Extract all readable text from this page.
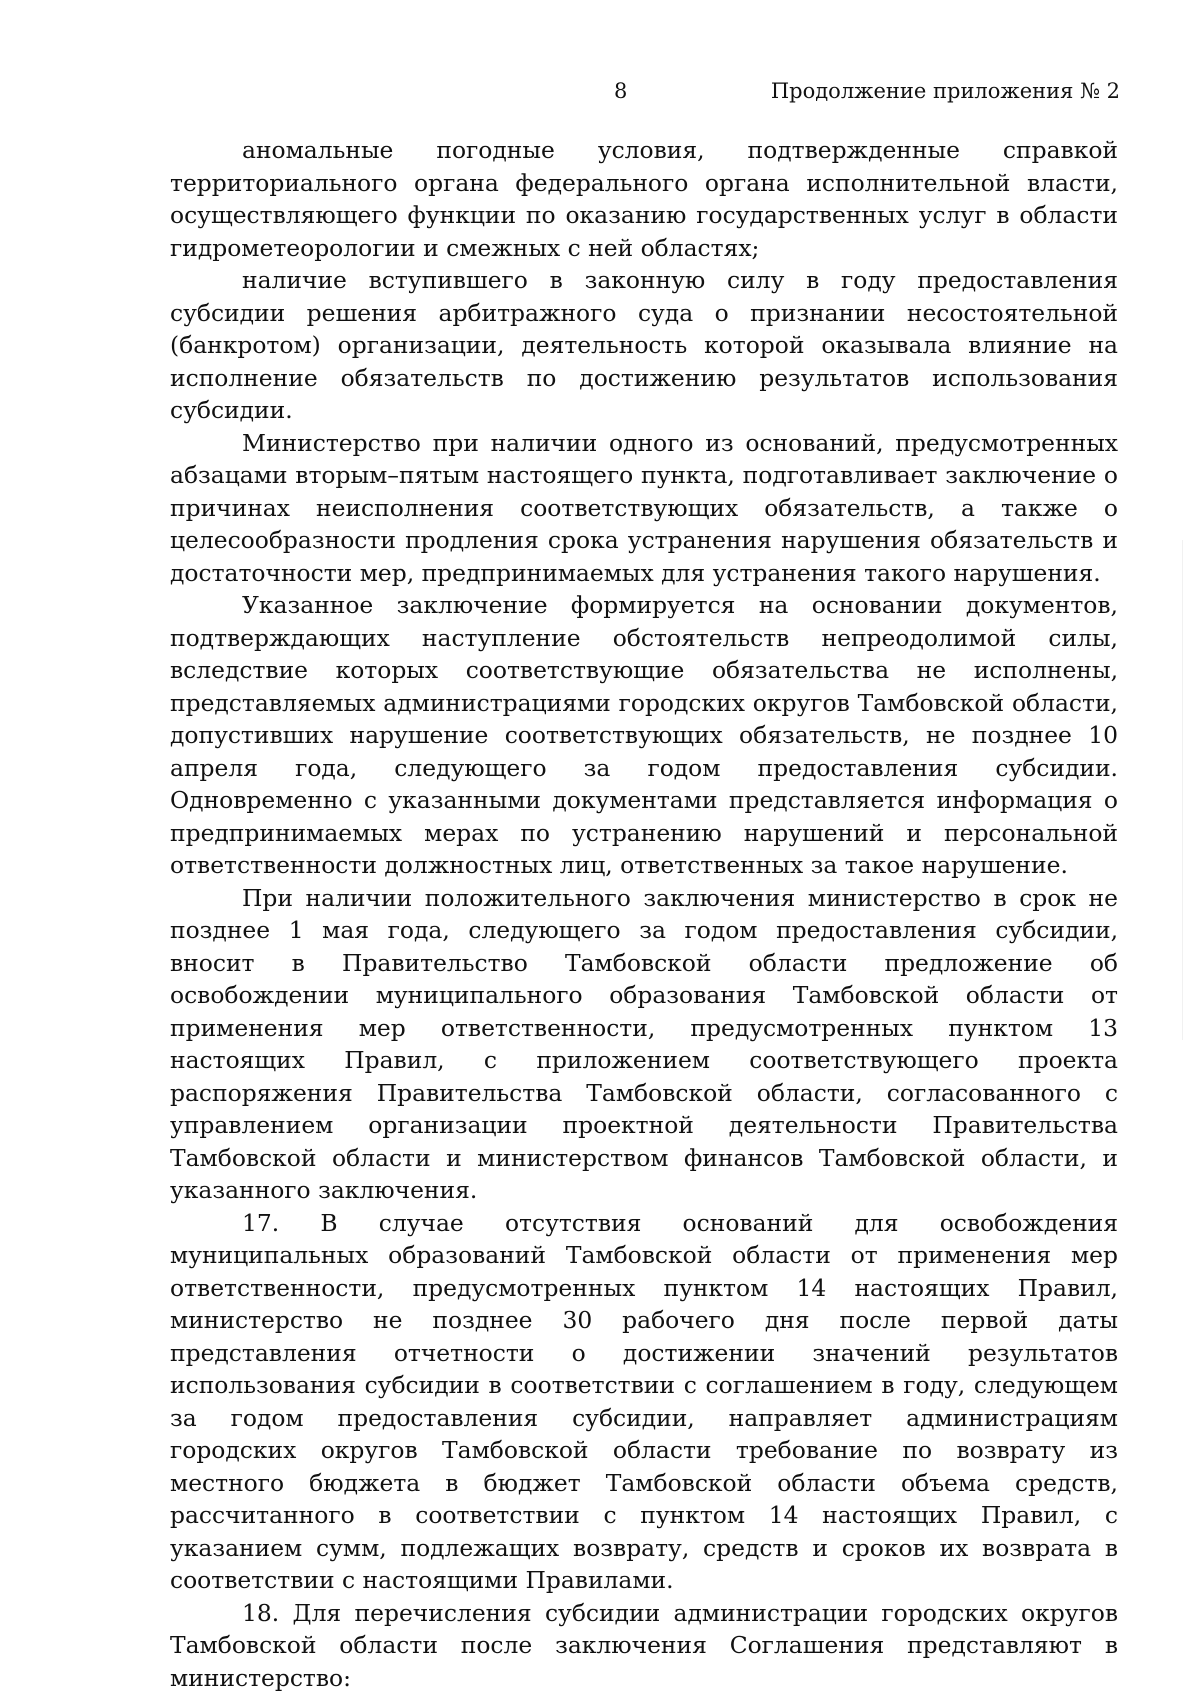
8	Продолжение приложения № 2

аномальные погодные условия, подтвержденные справкой территориального органа федерального органа исполнительной власти, осуществляющего функции по оказанию государственных услуг в области гидрометеорологии и смежных с ней областях;

наличие вступившего в законную силу в году предоставления субсидии решения арбитражного суда о признании несостоятельной (банкротом) организации, деятельность которой оказывала влияние на исполнение обязательств по достижению результатов использования субсидии.

Министерство при наличии одного из оснований, предусмотренных абзацами вторым–пятым настоящего пункта, подготавливает заключение о причинах неисполнения соответствующих обязательств, а также о целесообразности продления срока устранения нарушения обязательств и достаточности мер, предпринимаемых для устранения такого нарушения.

Указанное заключение формируется на основании документов, подтверждающих наступление обстоятельств непреодолимой силы, вследствие которых соответствующие обязательства не исполнены, представляемых администрациями городских округов Тамбовской области, допустивших нарушение соответствующих обязательств, не позднее 10 апреля года, следующего за годом предоставления субсидии. Одновременно с указанными документами представляется информация о предпринимаемых мерах по устранению нарушений и персональной ответственности должностных лиц, ответственных за такое нарушение.

При наличии положительного заключения министерство в срок не позднее 1 мая года, следующего за годом предоставления субсидии, вносит в Правительство Тамбовской области предложение об освобождении муниципального образования Тамбовской области от применения мер ответственности, предусмотренных пунктом 13 настоящих Правил, с приложением соответствующего проекта распоряжения Правительства Тамбовской области, согласованного с управлением организации проектной деятельности Правительства Тамбовской области и министерством финансов Тамбовской области, и указанного заключения.

17. В случае отсутствия оснований для освобождения муниципальных образований Тамбовской области от применения мер ответственности, предусмотренных пунктом 14 настоящих Правил, министерство не позднее 30 рабочего дня после первой даты представления отчетности о достижении значений результатов использования субсидии в соответствии с соглашением в году, следующем за годом предоставления субсидии, направляет администрациям городских округов Тамбовской области требование по возврату из местного бюджета в бюджет Тамбовской области объема средств, рассчитанного в соответствии с пунктом 14 настоящих Правил, с указанием сумм, подлежащих возврату, средств и сроков их возврата в соответствии с настоящими Правилами.

18. Для перечисления субсидии администрации городских округов Тамбовской области после заключения Соглашения представляют в министерство:
